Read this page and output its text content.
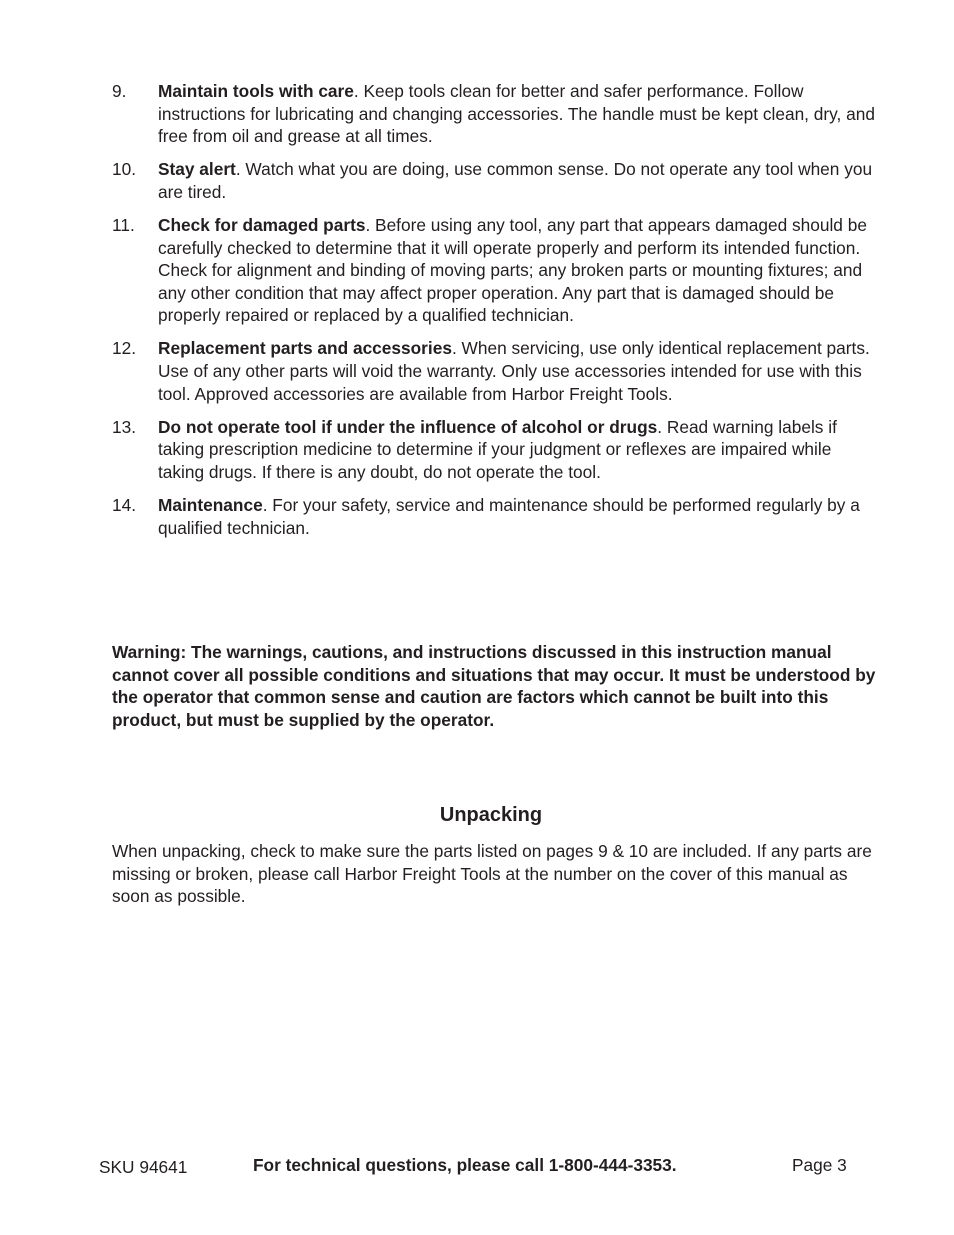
9.	Maintain tools with care. Keep tools clean for better and safer performance. Follow instructions for lubricating and changing accessories. The handle must be kept clean, dry, and free from oil and grease at all times.
10.	Stay alert. Watch what you are doing, use common sense. Do not operate any tool when you are tired.
11.	Check for damaged parts. Before using any tool, any part that appears damaged should be carefully checked to determine that it will operate properly and perform its intended function. Check for alignment and binding of moving parts; any broken parts or mounting fixtures; and any other condition that may affect proper operation. Any part that is damaged should be properly repaired or replaced by a qualified technician.
12.	Replacement parts and accessories. When servicing, use only identical replacement parts. Use of any other parts will void the warranty. Only use accessories intended for use with this tool. Approved accessories are available from Harbor Freight Tools.
13.	Do not operate tool if under the influence of alcohol or drugs. Read warning labels if taking prescription medicine to determine if your judgment or reflexes are impaired while taking drugs. If there is any doubt, do not operate the tool.
14.	Maintenance. For your safety, service and maintenance should be performed regularly by a qualified technician.
Warning: The warnings, cautions, and instructions discussed in this instruction manual cannot cover all possible conditions and situations that may occur. It must be understood by the operator that common sense and caution are factors which cannot be built into this product, but must be supplied by the operator.
Unpacking
When unpacking, check to make sure the parts listed on pages 9 & 10 are included. If any parts are missing or broken, please call Harbor Freight Tools at the number on the cover of this manual as soon as possible.
SKU 94641	For technical questions, please call 1-800-444-3353.	Page 3
